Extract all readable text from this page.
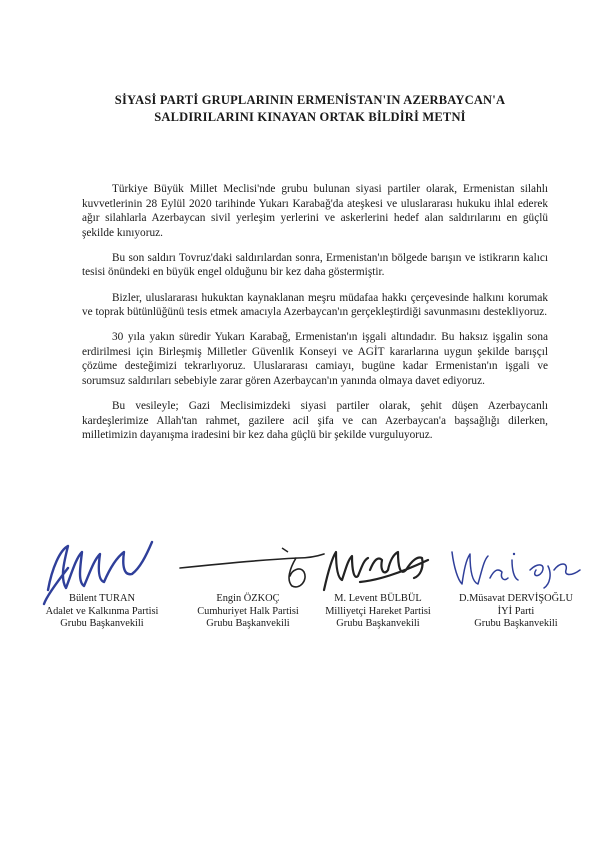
SİYASİ PARTİ GRUPLARININ ERMENİSTAN'IN AZERBAYCAN'A
SALDIRILARINI KINAYAN ORTAK BİLDİRİ METNİ

Türkiye Büyük Millet Meclisi'nde grubu bulunan siyasi partiler olarak, Ermenistan silahlı kuvvetlerinin 28 Eylül 2020 tarihinde Yukarı Karabağ'da ateşkesi ve uluslararası hukuku ihlal ederek ağır silahlarla Azerbaycan sivil yerleşim yerlerini ve askerlerini hedef alan saldırılarını en güçlü şekilde kınıyoruz.

Bu son saldırı Tovruz'daki saldırılardan sonra, Ermenistan'ın bölgede barışın ve istikrarın kalıcı tesisi önündeki en büyük engel olduğunu bir kez daha göstermiştir.

Bizler, uluslararası hukuktan kaynaklanan meşru müdafaa hakkı çerçevesinde halkını korumak ve toprak bütünlüğünü tesis etmek amacıyla Azerbaycan'ın gerçekleştirdiği savunmasını destekliyoruz.

30 yıla yakın süredir Yukarı Karabağ, Ermenistan'ın işgali altındadır. Bu haksız işgalin sona erdirilmesi için Birleşmiş Milletler Güvenlik Konseyi ve AGİT kararlarına uygun şekilde barışçıl çözüme desteğimizi tekrarlıyoruz. Uluslararası camiayı, bugüne kadar Ermenistan'ın işgali ve sorumsuz saldırıları sebebiyle zarar gören Azerbaycan'ın yanında olmaya davet ediyoruz.

Bu vesileyle; Gazi Meclisimizdeki siyasi partiler olarak, şehit düşen Azerbaycanlı kardeşlerimize Allah'tan rahmet, gazilere acil şifa ve can Azerbaycan'a başsağlığı dilerken, milletimizin dayanışma iradesini bir kez daha güçlü bir şekilde vurguluyoruz.

Bülent TURAN
Adalet ve Kalkınma Partisi
Grubu Başkanvekili
Engin ÖZKOÇ
Cumhuriyet Halk Partisi
Grubu Başkanvekili
M. Levent BÜLBÜL
Milliyetçi Hareket Partisi
Grubu Başkanvekili
D.Müsavat DERVİŞOĞLU
İYİ Parti
Grubu Başkanvekili
